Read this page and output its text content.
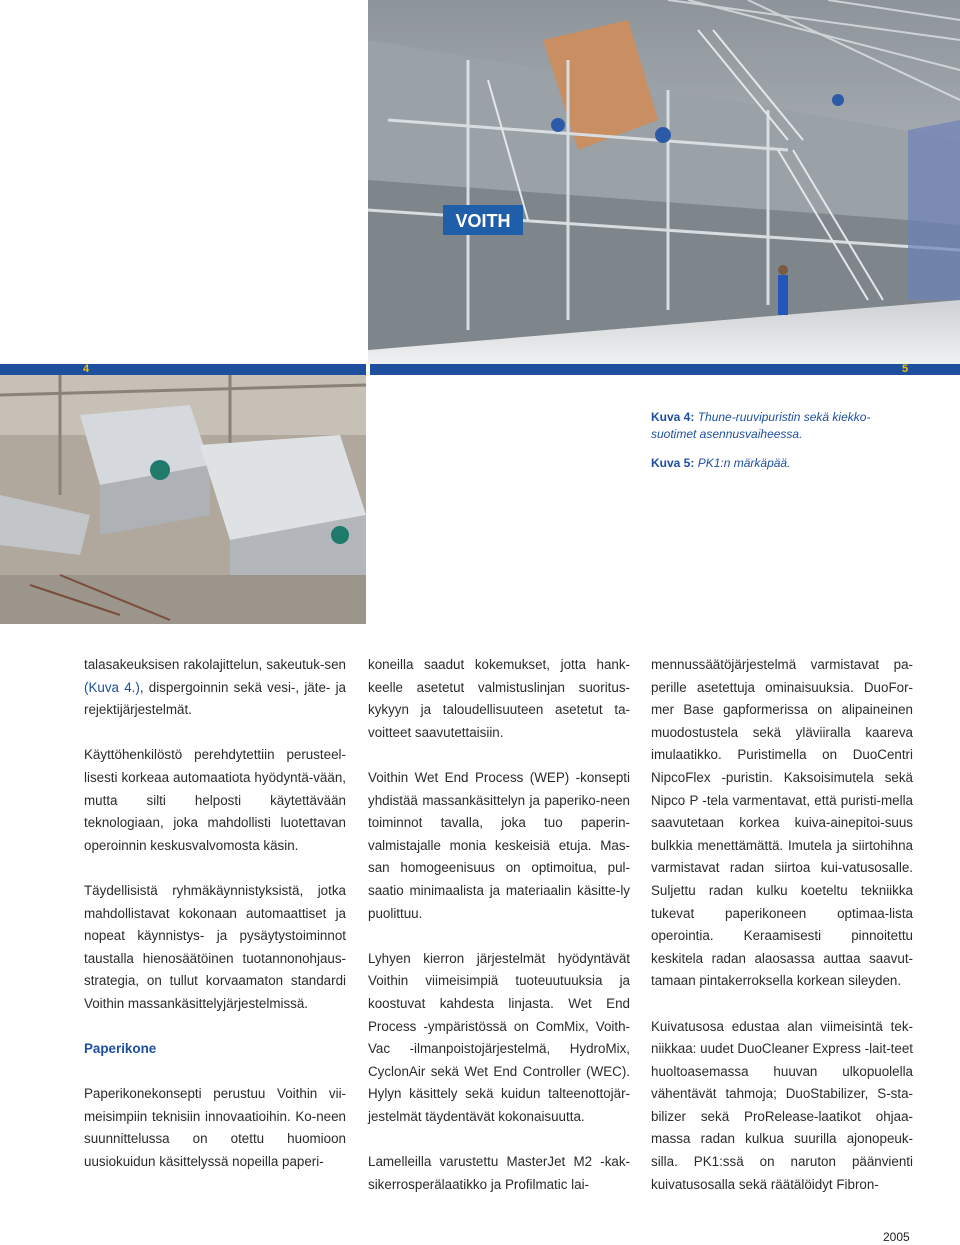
VOITH
4	5
Kuva 4: Thune-ruuvipuristin sekä kiekko-suotimet asennusvaiheessa.
Kuva 5: PK1:n märkäpää.

talasakeuksisen rakolajittelun, sakeutuk-sen (Kuva 4.), dispergoinnin sekä vesi-, jäte- ja rejektijärjestelmät.

Käyttöhenkilöstö perehdytettiin perusteel-lisesti korkeaa automaatiota hyödyntä-vään, mutta silti helposti käytettävään teknologiaan, joka mahdollisti luotettavan operoinnin keskusvalvomosta käsin.

Täydellisistä ryhmäkäynnistyksistä, jotka mahdollistavat kokonaan automaattiset ja nopeat käynnistys- ja pysäytystoiminnot taustalla hienosäätöinen tuotannonohjaus-strategia, on tullut korvaamaton standardi Voithin massankäsittelyjärjestelmissä.

Paperikone

Paperikonekonsepti perustuu Voithin vii-meisimpiin teknisiin innovaatioihin. Ko-neen suunnittelussa on otettu huomioon uusiokuidun käsittelyssä nopeilla paperi-

koneilla saadut kokemukset, jotta hank-keelle asetetut valmistuslinjan suoritus-kykyyn ja taloudellisuuteen asetetut ta-voitteet saavutettaisiin.

Voithin Wet End Process (WEP) -konsepti yhdistää massankäsittelyn ja paperiko-neen toiminnot tavalla, joka tuo paperin-valmistajalle monia keskeisiä etuja. Mas-san homogeenisuus on optimoitua, pul-saatio minimaalista ja materiaalin käsitte-ly puolittuu.

Lyhyen kierron järjestelmät hyödyntävät Voithin viimeisimpiä tuoteuutuuksia ja koostuvat kahdesta linjasta. Wet End Process -ympäristössä on ComMix, Voith-Vac -ilmanpoistojärjestelmä, HydroMix, CyclonAir sekä Wet End Controller (WEC). Hylyn käsittely sekä kuidun talteenottojär-jestelmät täydentävät kokonaisuutta.

Lamelleilla varustettu MasterJet M2 -kak-sikerrosperälaatikko ja Profilmatic lai-

mennussäätöjärjestelmä varmistavat pa-perille asetettuja ominaisuuksia. DuoFor-mer Base gapformerissa on alipaineinen muodostustela sekä yläviiralla kaareva imulaatikko. Puristimella on DuoCentri NipcoFlex -puristin. Kaksoisimutela sekä Nipco P -tela varmentavat, että puristi-mella saavutetaan korkea kuiva-ainepitoi-suus bulkkia menettämättä. Imutela ja siirtohihna varmistavat radan siirtoa kui-vatusosalle. Suljettu radan kulku koeteltu tekniikka tukevat paperikoneen optimaa-lista operointia. Keraamisesti pinnoitettu keskitela radan alaosassa auttaa saavut-tamaan pintakerroksella korkean sileyden.

Kuivatusosa edustaa alan viimeisintä tek-niikkaa: uudet DuoCleaner Express -lait-teet huoltoasemassa huuvan ulkopuolella vähentävät tahmoja; DuoStabilizer, S-sta-bilizer sekä ProRelease-laatikot ohjaa-massa radan kulkua suurilla ajonopeuk-silla. PK1:ssä on naruton päänvienti kuivatusosalla sekä räätälöidyt Fibron-

2005
